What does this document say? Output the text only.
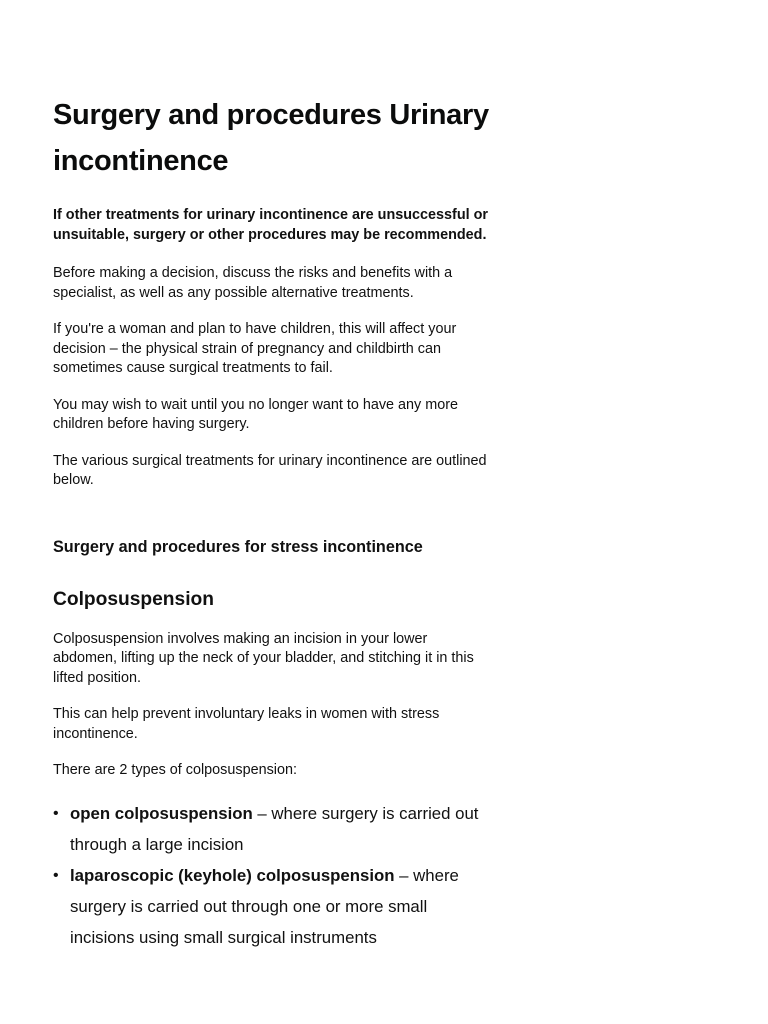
Surgery and procedures Urinary incontinence

If other treatments for urinary incontinence are unsuccessful or unsuitable, surgery or other procedures may be recommended.

Before making a decision, discuss the risks and benefits with a specialist, as well as any possible alternative treatments.

If you're a woman and plan to have children, this will affect your decision – the physical strain of pregnancy and childbirth can sometimes cause surgical treatments to fail.

You may wish to wait until you no longer want to have any more children before having surgery.

The various surgical treatments for urinary incontinence are outlined below.

Surgery and procedures for stress incontinence
Colposuspension

Colposuspension involves making an incision in your lower abdomen, lifting up the neck of your bladder, and stitching it in this lifted position.

This can help prevent involuntary leaks in women with stress incontinence.

There are 2 types of colposuspension:

• open colposuspension – where surgery is carried out through a large incision
• laparoscopic (keyhole) colposuspension – where surgery is carried out through one or more small incisions using small surgical instruments
